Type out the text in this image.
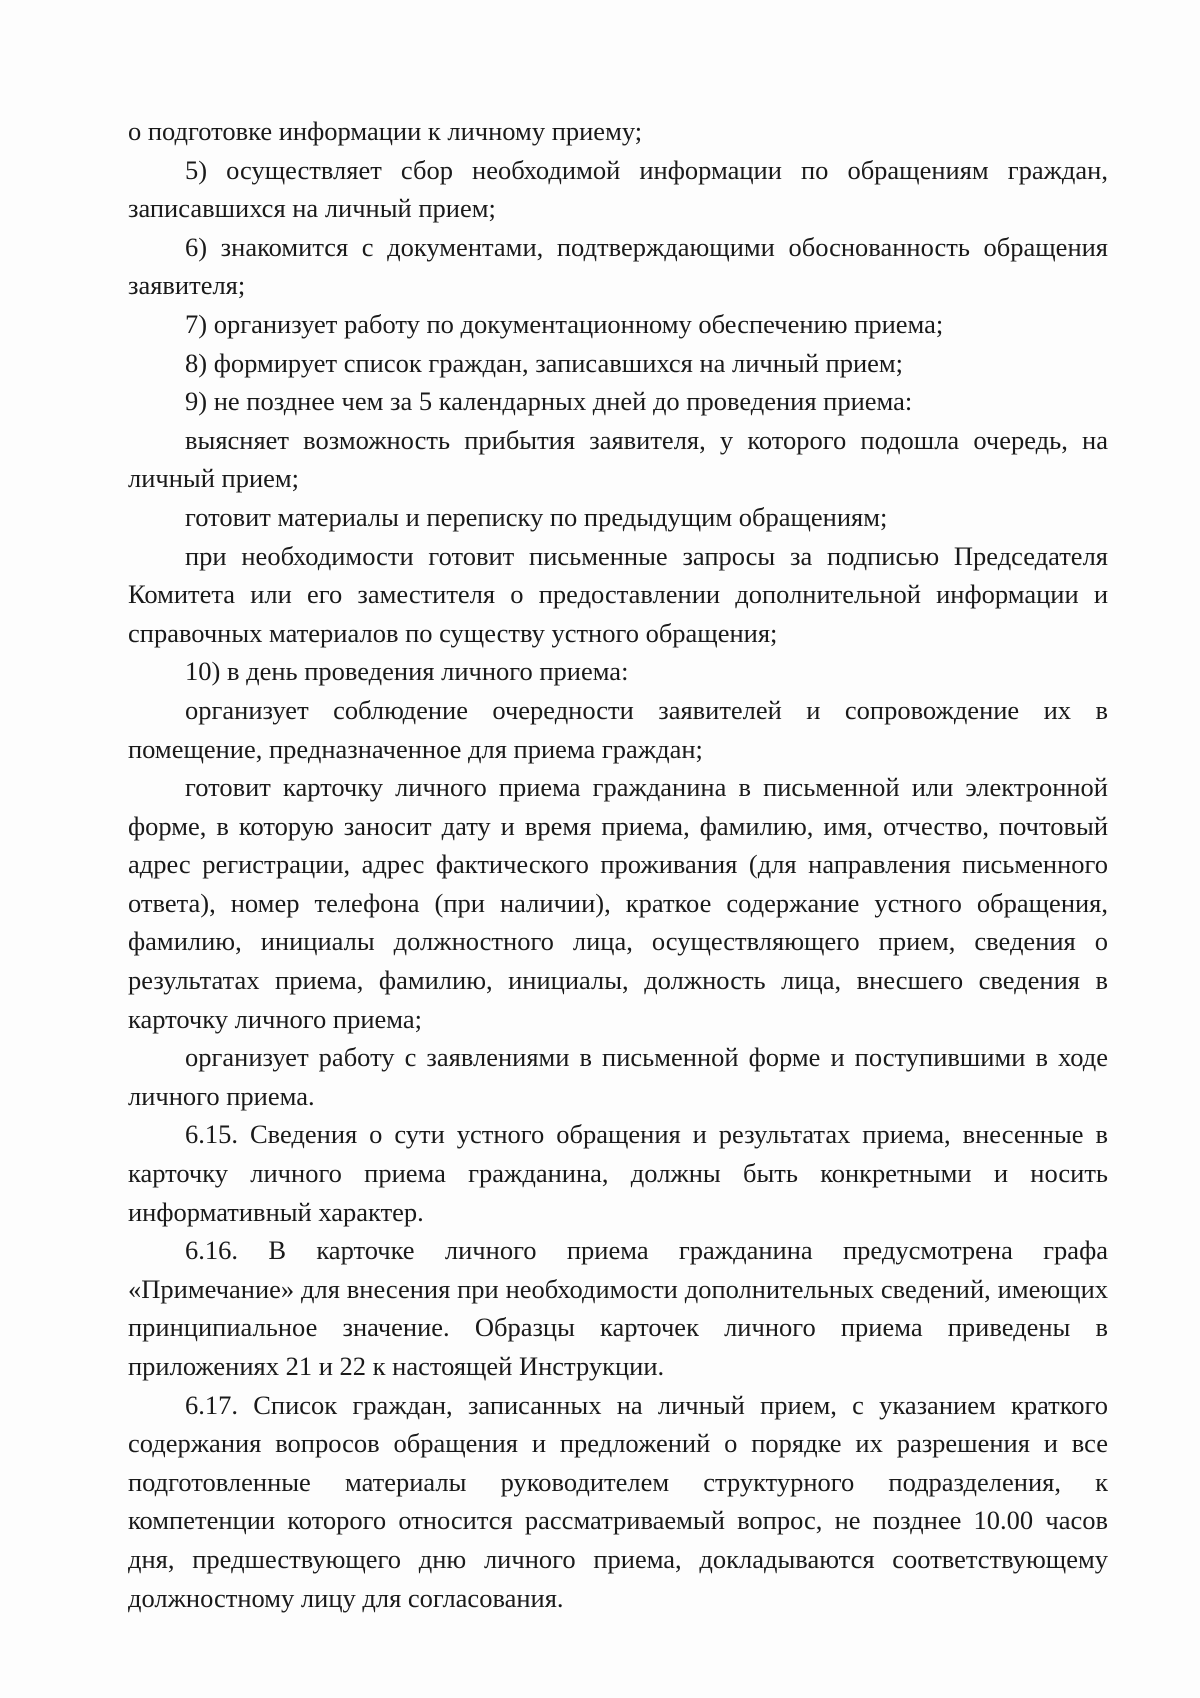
о подготовке информации к личному приему;

5) осуществляет сбор необходимой информации по обращениям граждан, записавшихся на личный прием;

6) знакомится с документами, подтверждающими обоснованность обращения заявителя;

7) организует работу по документационному обеспечению приема;

8) формирует список граждан, записавшихся на личный прием;

9) не позднее чем за 5 календарных дней до проведения приема:

выясняет возможность прибытия заявителя, у которого подошла очередь, на личный прием;

готовит материалы и переписку по предыдущим обращениям;

при необходимости готовит письменные запросы за подписью Председателя Комитета или его заместителя о предоставлении дополнительной информации и справочных материалов по существу устного обращения;

10) в день проведения личного приема:

организует соблюдение очередности заявителей и сопровождение их в помещение, предназначенное для приема граждан;

готовит карточку личного приема гражданина в письменной или электронной форме, в которую заносит дату и время приема, фамилию, имя, отчество, почтовый адрес регистрации, адрес фактического проживания (для направления письменного ответа), номер телефона (при наличии), краткое содержание устного обращения, фамилию, инициалы должностного лица, осуществляющего прием, сведения о результатах приема, фамилию, инициалы, должность лица, внесшего сведения в карточку личного приема;

организует работу с заявлениями в письменной форме и поступившими в ходе личного приема.

6.15. Сведения о сути устного обращения и результатах приема, внесенные в карточку личного приема гражданина, должны быть конкретными и носить информативный характер.

6.16. В карточке личного приема гражданина предусмотрена графа «Примечание» для внесения при необходимости дополнительных сведений, имеющих принципиальное значение. Образцы карточек личного приема приведены в приложениях 21 и 22 к настоящей Инструкции.

6.17. Список граждан, записанных на личный прием, с указанием краткого содержания вопросов обращения и предложений о порядке их разрешения и все подготовленные материалы руководителем структурного подразделения, к компетенции которого относится рассматриваемый вопрос, не позднее 10.00 часов дня, предшествующего дню личного приема, докладываются соответствующему должностному лицу для согласования.
